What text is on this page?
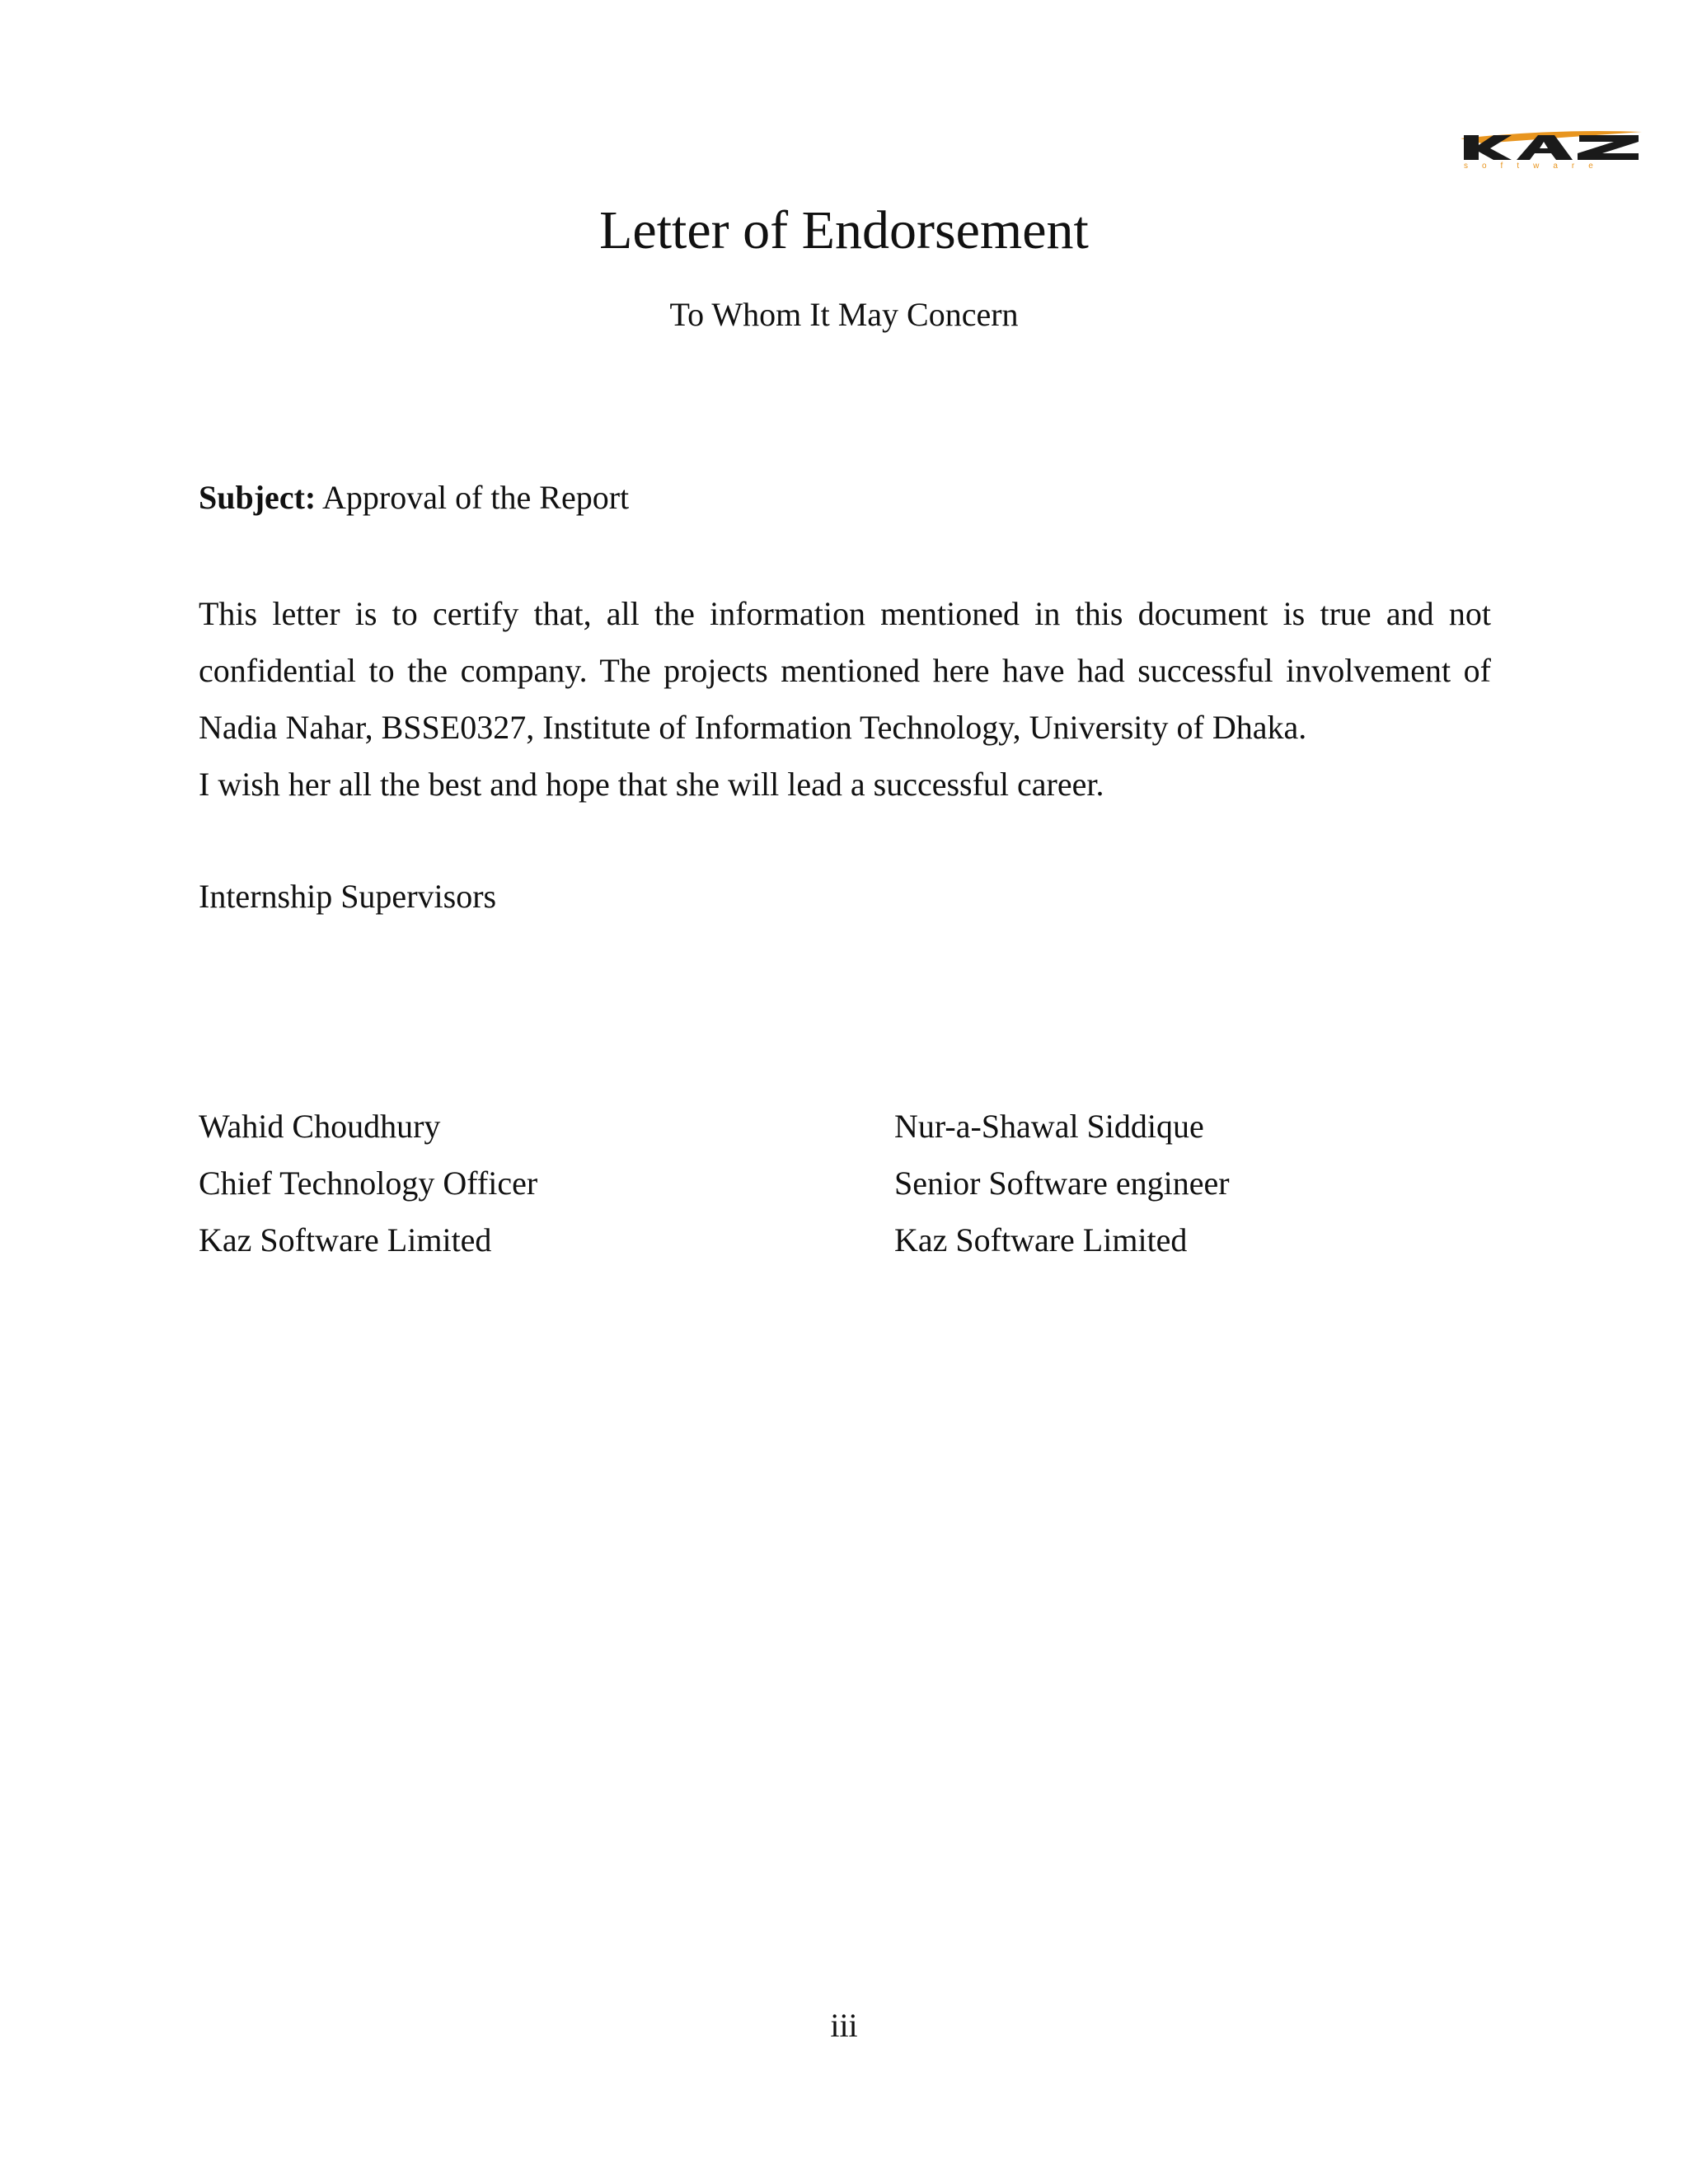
software
Letter of Endorsement
To Whom It May Concern
Subject: Approval of the Report
This letter is to certify that, all the information mentioned in this document is true and not
confidential to the company. The projects mentioned here have had successful involvement of
Nadia Nahar, BSSE0327, Institute of Information Technology, University of Dhaka.
I wish her all the best and hope that she will lead a successful career.
Internship Supervisors
Wahid Choudhury
Chief Technology Officer
Kaz Software Limited
Nur-a-Shawal Siddique
Senior Software engineer
Kaz Software Limited
iii
